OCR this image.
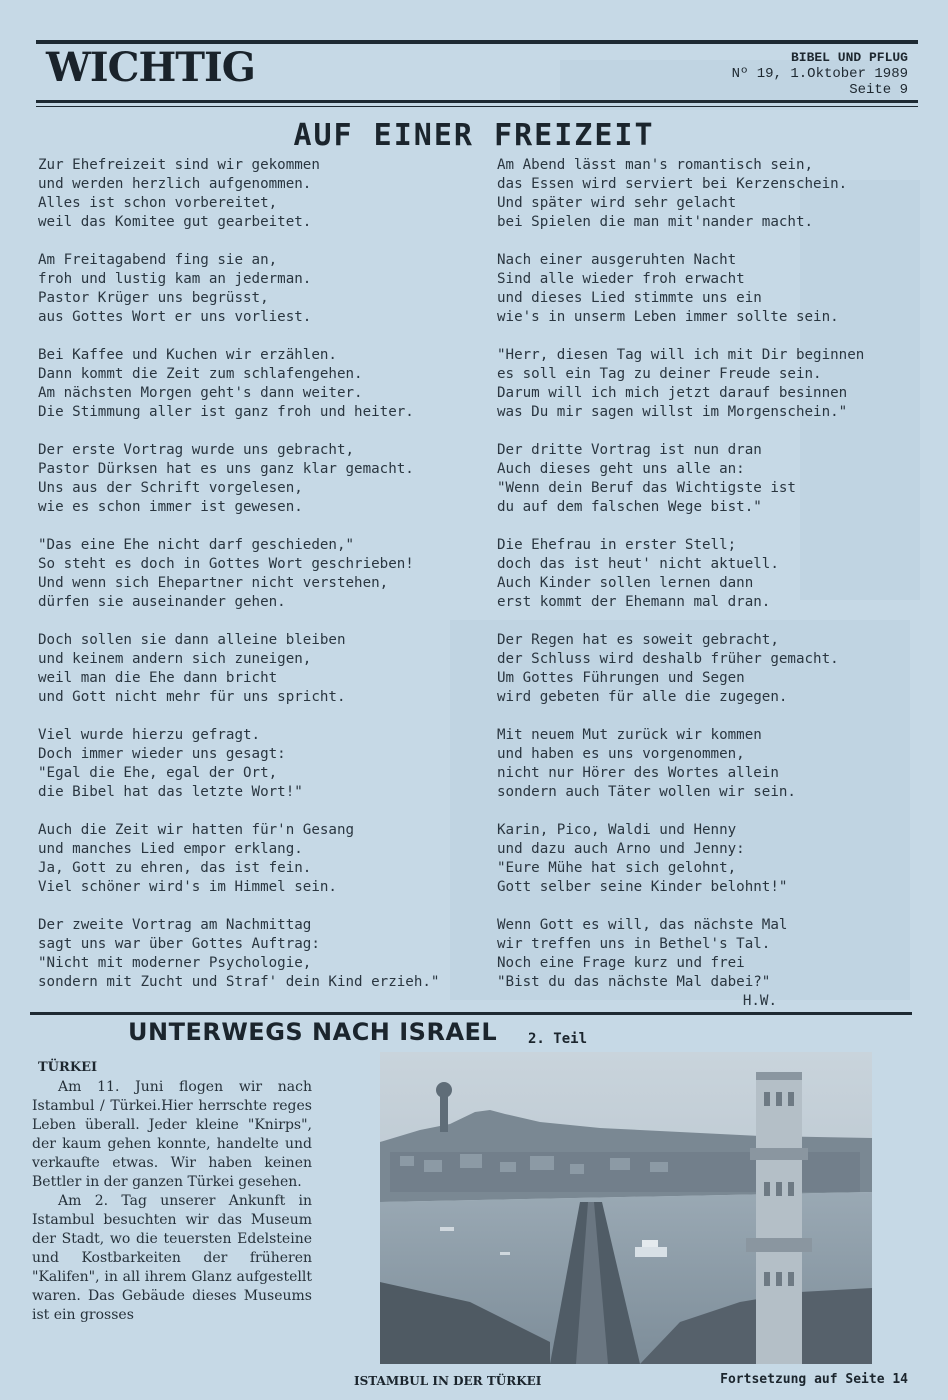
WICHTIG	BIBEL UND PFLUG
Nº 19, 1.Oktober 1989
Seite 9
AUF EINER FREIZEIT
Zur Ehefreizeit sind wir gekommen
und werden herzlich aufgenommen.
Alles ist schon vorbereitet,
weil das Komitee gut gearbeitet.
Am Freitagabend fing sie an,
froh und lustig kam an jederman.
Pastor Krüger uns begrüsst,
aus Gottes Wort er uns vorliest.
Bei Kaffee und Kuchen wir erzählen.
Dann kommt die Zeit zum schlafengehen.
Am nächsten Morgen geht's dann weiter.
Die Stimmung aller ist ganz froh und heiter.
Der erste Vortrag wurde uns gebracht,
Pastor Dürksen hat es uns ganz klar gemacht.
Uns aus der Schrift vorgelesen,
wie es schon immer ist gewesen.
"Das eine Ehe nicht darf geschieden,"
So steht es doch in Gottes Wort geschrieben!
Und wenn sich Ehepartner nicht verstehen,
dürfen sie auseinander gehen.
Doch sollen sie dann alleine bleiben
und keinem andern sich zuneigen,
weil man die Ehe dann bricht
und Gott nicht mehr für uns spricht.
Viel wurde hierzu gefragt.
Doch immer wieder uns gesagt:
"Egal die Ehe, egal der Ort,
die Bibel hat das letzte Wort!"
Auch die Zeit wir hatten für'n Gesang
und manches Lied empor erklang.
Ja, Gott zu ehren, das ist fein.
Viel schöner wird's im Himmel sein.
Der zweite Vortrag am Nachmittag
sagt uns war über Gottes Auftrag:
"Nicht mit moderner Psychologie,
sondern mit Zucht und Straf' dein Kind erzieh."
Am Abend lässt man's romantisch sein,
das Essen wird serviert bei Kerzenschein.
Und später wird sehr gelacht
bei Spielen die man mit'nander macht.
Nach einer ausgeruhten Nacht
Sind alle wieder froh erwacht
und dieses Lied stimmte uns ein
wie's in unserm Leben immer sollte sein.
"Herr, diesen Tag will ich mit Dir beginnen
es soll ein Tag zu deiner Freude sein.
Darum will ich mich jetzt darauf besinnen
was Du mir sagen willst im Morgenschein."
Der dritte Vortrag ist nun dran
Auch dieses geht uns alle an:
"Wenn dein Beruf das Wichtigste ist
du auf dem falschen Wege bist."
Die Ehefrau in erster Stell;
doch das ist heut' nicht aktuell.
Auch Kinder sollen lernen dann
erst kommt der Ehemann mal dran.
Der Regen hat es soweit gebracht,
der Schluss wird deshalb früher gemacht.
Um Gottes Führungen und Segen
wird gebeten für alle die zugegen.
Mit neuem Mut zurück wir kommen
und haben es uns vorgenommen,
nicht nur Hörer des Wortes allein
sondern auch Täter wollen wir sein.
Karin, Pico, Waldi und Henny
und dazu auch Arno und Jenny:
"Eure Mühe hat sich gelohnt,
Gott selber seine Kinder belohnt!"
Wenn Gott es will, das nächste Mal
wir treffen uns in Bethel's Tal.
Noch eine Frage kurz und frei
"Bist du das nächste Mal dabei?"
H.W.
UNTERWEGS NACH ISRAEL 2. Teil
TÜRKEI

Am 11. Juni flogen wir nach Istambul / Türkei.Hier herrschte reges Leben überall. Jeder kleine "Knirps", der kaum gehen konnte, handelte und verkaufte etwas. Wir haben keinen Bettler in der ganzen Türkei gesehen.

Am 2. Tag unserer Ankunft in Istambul besuchten wir das Museum der Stadt, wo die teuersten Edelsteine und Kostbarkeiten der früheren "Kalifen", in all ihrem Glanz aufgestellt waren. Das Gebäude dieses Museums ist ein grosses

ISTAMBUL IN DER TÜRKEI	Fortsetzung auf Seite 14
